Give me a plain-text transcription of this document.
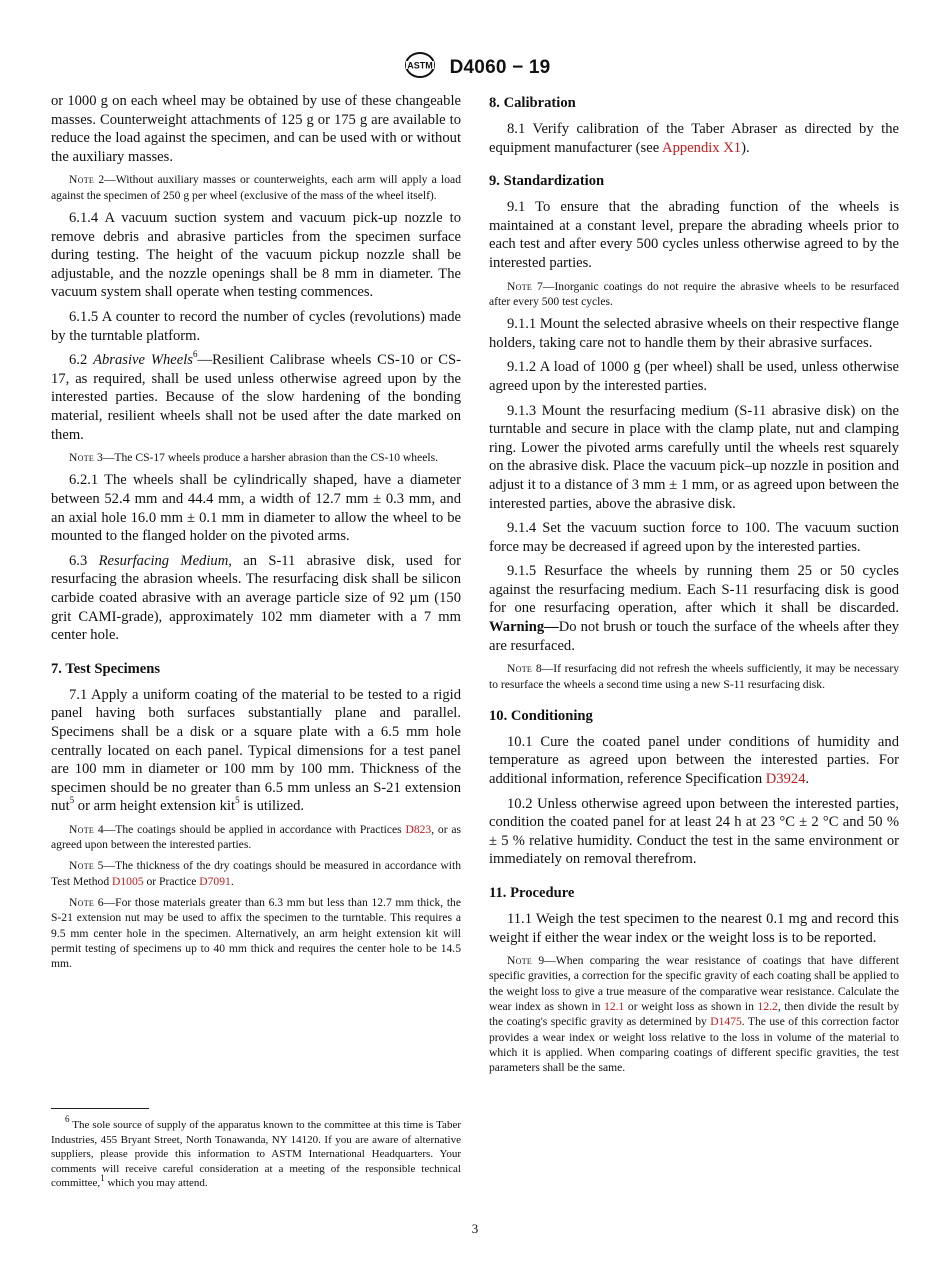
ASTM D4060 − 19

or 1000 g on each wheel may be obtained by use of these changeable masses. Counterweight attachments of 125 g or 175 g are available to reduce the load against the specimen, and can be used with or without the auxiliary masses.

Note 2—Without auxiliary masses or counterweights, each arm will apply a load against the specimen of 250 g per wheel (exclusive of the mass of the wheel itself).

6.1.4 A vacuum suction system and vacuum pick-up nozzle to remove debris and abrasive particles from the specimen surface during testing. The height of the vacuum pickup nozzle shall be adjustable, and the nozzle openings shall be 8 mm in diameter. The vacuum system shall operate when testing commences.

6.1.5 A counter to record the number of cycles (revolutions) made by the turntable platform.

6.2 Abrasive Wheels$^6$—Resilient Calibrase wheels CS-10 or CS-17, as required, shall be used unless otherwise agreed upon by the interested parties. Because of the slow hardening of the bonding material, resilient wheels shall not be used after the date marked on them.

Note 3—The CS-17 wheels produce a harsher abrasion than the CS-10 wheels.

6.2.1 The wheels shall be cylindrically shaped, have a diameter between 52.4 mm and 44.4 mm, a width of 12.7 mm ± 0.3 mm, and an axial hole 16.0 mm ± 0.1 mm in diameter to allow the wheel to be mounted to the flanged holder on the pivoted arms.

6.3 Resurfacing Medium, an S-11 abrasive disk, used for resurfacing the abrasion wheels. The resurfacing disk shall be silicon carbide coated abrasive with an average particle size of 92 µm (150 grit CAMI-grade), approximately 102 mm diameter with a 7 mm center hole.

7. Test Specimens

7.1 Apply a uniform coating of the material to be tested to a rigid panel having both surfaces substantially plane and parallel. Specimens shall be a disk or a square plate with a 6.5 mm hole centrally located on each panel. Typical dimensions for a test panel are 100 mm in diameter or 100 mm by 100 mm. Thickness of the specimen should be no greater than 6.5 mm unless an S-21 extension nut$^5$ or arm height extension kit$^5$ is utilized.

Note 4—The coatings should be applied in accordance with Practices D823, or as agreed upon between the interested parties.
Note 5—The thickness of the dry coatings should be measured in accordance with Test Method D1005 or Practice D7091.
Note 6—For those materials greater than 6.3 mm but less than 12.7 mm thick, the S-21 extension nut may be used to affix the specimen to the turntable. This requires a 9.5 mm center hole in the specimen. Alternatively, an arm height extension kit will permit testing of specimens up to 40 mm thick and requires the center hole to be 14.5 mm.

$^6$ The sole source of supply of the apparatus known to the committee at this time is Taber Industries, 455 Bryant Street, North Tonawanda, NY 14120. If you are aware of alternative suppliers, please provide this information to ASTM International Headquarters. Your comments will receive careful consideration at a meeting of the responsible technical committee,$^1$ which you may attend.

8. Calibration

8.1 Verify calibration of the Taber Abraser as directed by the equipment manufacturer (see Appendix X1).

9. Standardization

9.1 To ensure that the abrading function of the wheels is maintained at a constant level, prepare the abrading wheels prior to each test and after every 500 cycles unless otherwise agreed to by the interested parties.

Note 7—Inorganic coatings do not require the abrasive wheels to be resurfaced after every 500 test cycles.

9.1.1 Mount the selected abrasive wheels on their respective flange holders, taking care not to handle them by their abrasive surfaces.

9.1.2 A load of 1000 g (per wheel) shall be used, unless otherwise agreed upon by the interested parties.

9.1.3 Mount the resurfacing medium (S-11 abrasive disk) on the turntable and secure in place with the clamp plate, nut and clamping ring. Lower the pivoted arms carefully until the wheels rest squarely on the abrasive disk. Place the vacuum pick–up nozzle in position and adjust it to a distance of 3 mm ± 1 mm, or as agreed upon between the interested parties, above the abrasive disk.

9.1.4 Set the vacuum suction force to 100. The vacuum suction force may be decreased if agreed upon by the interested parties.

9.1.5 Resurface the wheels by running them 25 or 50 cycles against the resurfacing medium. Each S-11 resurfacing disk is good for one resurfacing operation, after which it shall be discarded. Warning—Do not brush or touch the surface of the wheels after they are resurfaced.

Note 8—If resurfacing did not refresh the wheels sufficiently, it may be necessary to resurface the wheels a second time using a new S-11 resurfacing disk.
10. Conditioning

10.1 Cure the coated panel under conditions of humidity and temperature as agreed upon between the interested parties. For additional information, reference Specification D3924.

10.2 Unless otherwise agreed upon between the interested parties, condition the coated panel for at least 24 h at 23 °C ± 2 °C and 50 % ± 5 % relative humidity. Conduct the test in the same environment or immediately on removal therefrom.

11. Procedure

11.1 Weigh the test specimen to the nearest 0.1 mg and record this weight if either the wear index or the weight loss is to be reported.

Note 9—When comparing the wear resistance of coatings that have different specific gravities, a correction for the specific gravity of each coating shall be applied to the weight loss to give a true measure of the comparative wear resistance. Calculate the wear index as shown in 12.1 or weight loss as shown in 12.2, then divide the result by the coating's specific gravity as determined by D1475. The use of this correction factor provides a wear index or weight loss relative to the loss in volume of the material to which it is applied. When comparing coatings of different specific gravities, the test parameters shall be the same.
3
